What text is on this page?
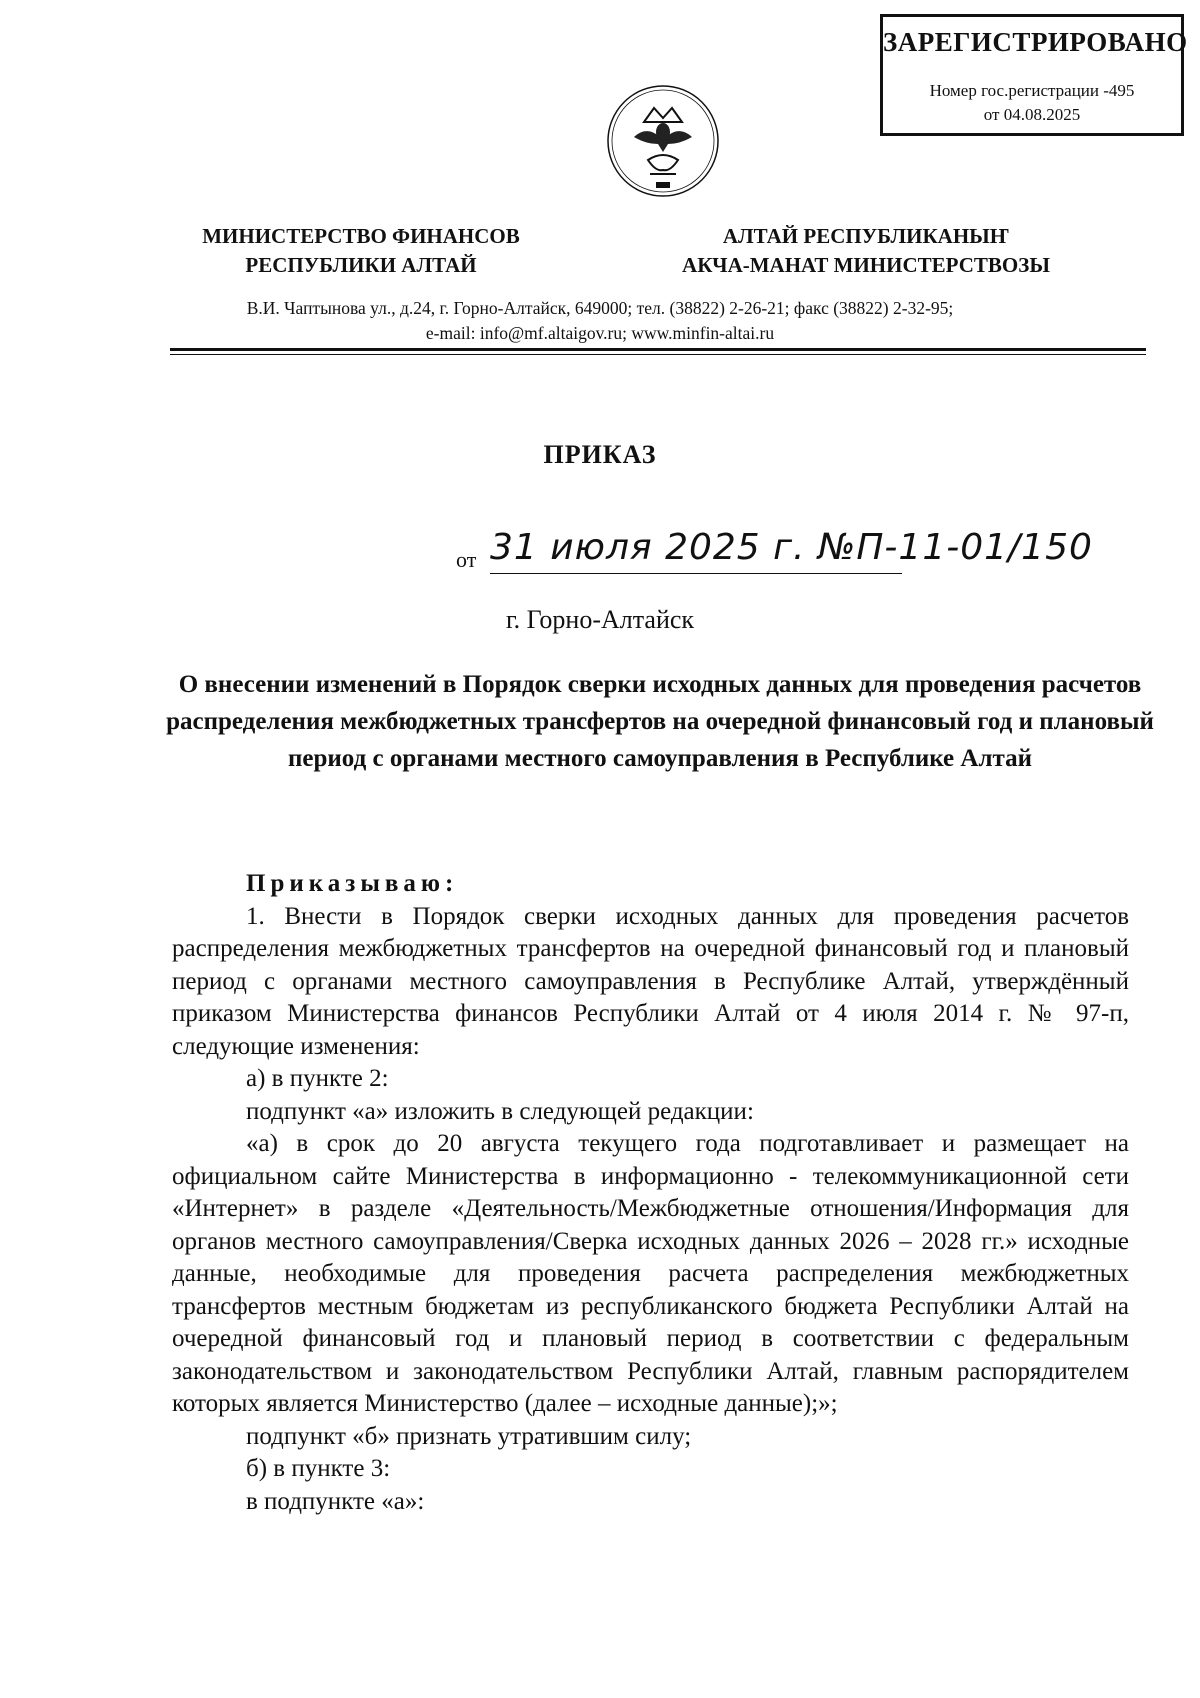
ЗАРЕГИСТРИРОВАНО
Номер гос.регистрации -495
от 04.08.2025
МИНИСТЕРСТВО ФИНАНСОВ
РЕСПУБЛИКИ АЛТАЙ
АЛТАЙ РЕСПУБЛИКАНЫҤ
АКЧА-МАНАТ МИНИСТЕРСТВОЗЫ
В.И. Чаптынова ул., д.24, г. Горно-Алтайск, 649000; тел. (38822) 2-26-21; факс (38822) 2-32-95;
e-mail: info@mf.altaigov.ru; www.minfin-altai.ru
ПРИКАЗ
от 31 июля 2025 г. №П-11-01/150
г. Горно-Алтайск
О внесении изменений в Порядок сверки исходных данных для проведения расчетов распределения межбюджетных трансфертов на очередной финансовый год и плановый период с органами местного самоуправления в Республике Алтай
Приказываю:

1. Внести в Порядок сверки исходных данных для проведения расчетов распределения межбюджетных трансфертов на очередной финансовый год и плановый период с органами местного самоуправления в Республике Алтай, утверждённый приказом Министерства финансов Республики Алтай от 4 июля 2014 г. № 97-п, следующие изменения:

а) в пункте 2:

подпункт «а» изложить в следующей редакции:

«а) в срок до 20 августа текущего года подготавливает и размещает на официальном сайте Министерства в информационно - телекоммуникационной сети «Интернет» в разделе «Деятельность/Межбюджетные отношения/Информация для органов местного самоуправления/Сверка исходных данных 2026 – 2028 гг.» исходные данные, необходимые для проведения расчета распределения межбюджетных трансфертов местным бюджетам из республиканского бюджета Республики Алтай на очередной финансовый год и плановый период в соответствии с федеральным законодательством и законодательством Республики Алтай, главным распорядителем которых является Министерство (далее – исходные данные);»;

подпункт «б» признать утратившим силу;

б) в пункте 3:

в подпункте «а»:
